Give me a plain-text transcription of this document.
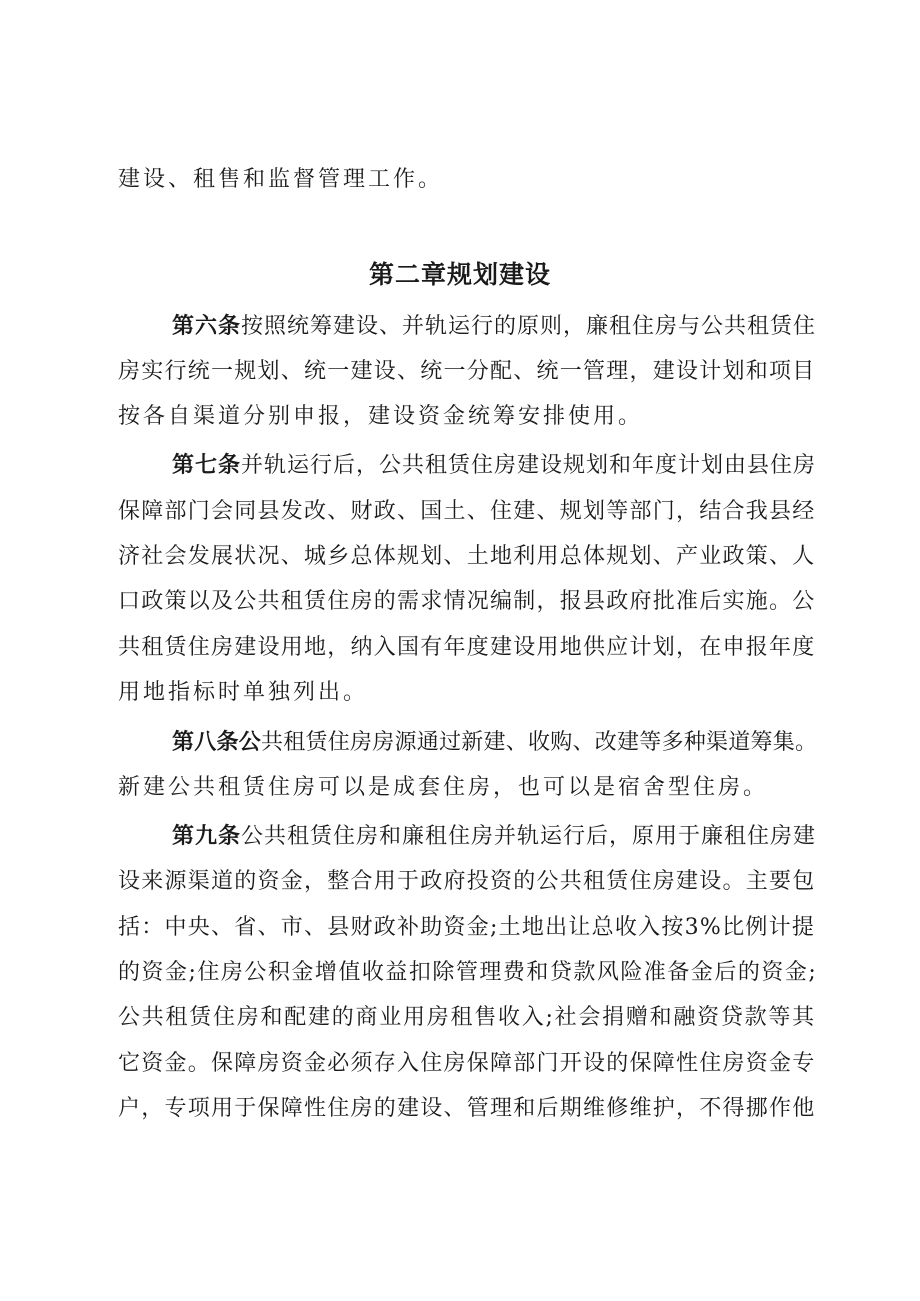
建设、租售和监督管理工作。
第二章规划建设
第六条按照统筹建设、并轨运行的原则，廉租住房与公共租赁住
房实行统一规划、统一建设、统一分配、统一管理，建设计划和项目
按各自渠道分别申报，建设资金统筹安排使用。
第七条并轨运行后，公共租赁住房建设规划和年度计划由县住房
保障部门会同县发改、财政、国土、住建、规划等部门，结合我县经
济社会发展状况、城乡总体规划、土地利用总体规划、产业政策、人
口政策以及公共租赁住房的需求情况编制，报县政府批准后实施。公
共租赁住房建设用地，纳入国有年度建设用地供应计划，在申报年度
用地指标时单独列出。
第八条公共租赁住房房源通过新建、收购、改建等多种渠道筹集。
新建公共租赁住房可以是成套住房，也可以是宿舍型住房。
第九条公共租赁住房和廉租住房并轨运行后，原用于廉租住房建
设来源渠道的资金，整合用于政府投资的公共租赁住房建设。主要包
括：中央、省、市、县财政补助资金;土地出让总收入按3%比例计提
的资金;住房公积金增值收益扣除管理费和贷款风险准备金后的资金;
公共租赁住房和配建的商业用房租售收入;社会捐赠和融资贷款等其
它资金。保障房资金必须存入住房保障部门开设的保障性住房资金专
户，专项用于保障性住房的建设、管理和后期维修维护，不得挪作他
